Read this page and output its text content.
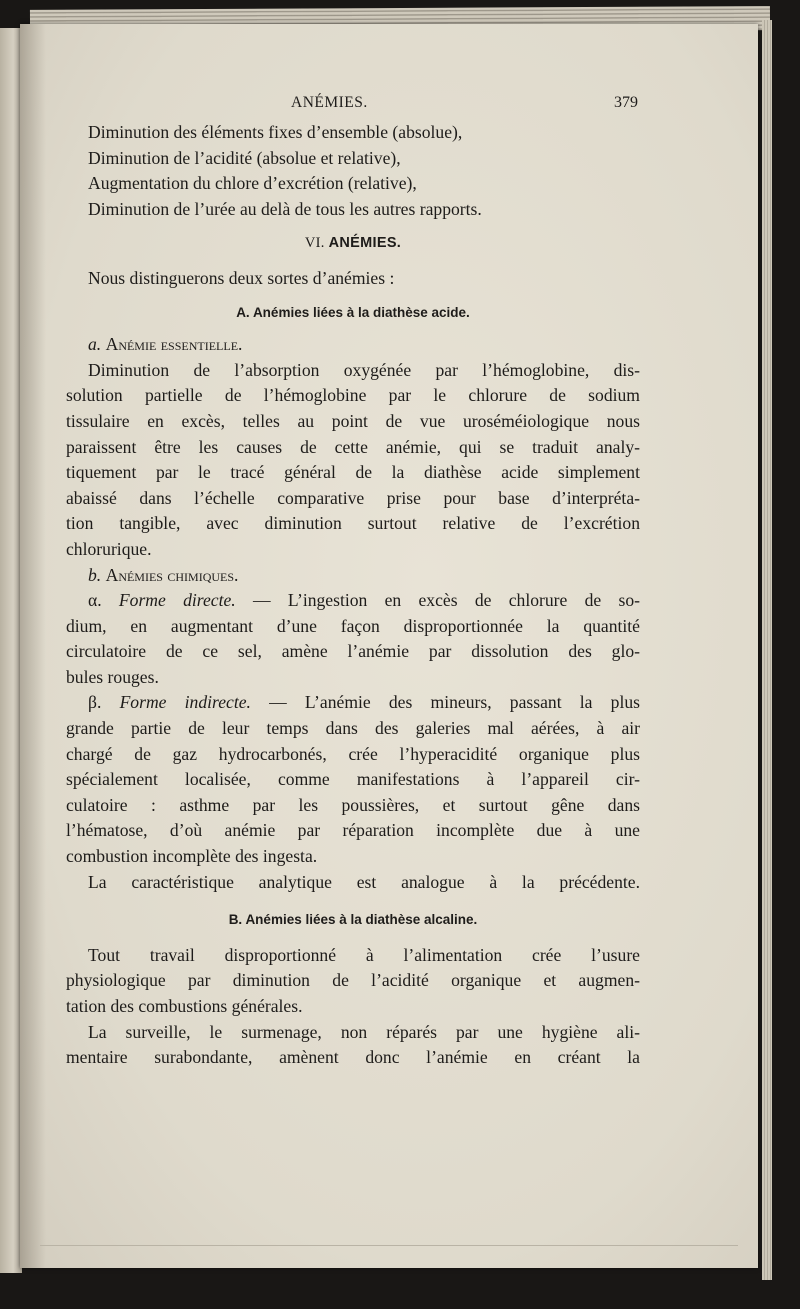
ANÉMIES.	379

Diminution des éléments fixes d’ensemble (absolue),

Diminution de l’acidité (absolue et relative),

Augmentation du chlore d’excrétion (relative),

Diminution de l’urée au delà de tous les autres rapports.

VI. ANÉMIES.

Nous distinguerons deux sortes d’anémies :

A. Anémies liées à la diathèse acide.

a. Anémie essentielle.

Diminution de l’absorption oxygénée par l’hémoglobine, dis-

solution partielle de l’hémoglobine par le chlorure de sodium

tissulaire en excès, telles au point de vue uroséméiologique nous

paraissent être les causes de cette anémie, qui se traduit analy-

tiquement par le tracé général de la diathèse acide simplement

abaissé dans l’échelle comparative prise pour base d’interpréta-

tion tangible, avec diminution surtout relative de l’excrétion

chlorurique.

b. Anémies chimiques.

α. Forme directe. — L’ingestion en excès de chlorure de so-

dium, en augmentant d’une façon disproportionnée la quantité

circulatoire de ce sel, amène l’anémie par dissolution des glo-

bules rouges.

β. Forme indirecte. — L’anémie des mineurs, passant la plus

grande partie de leur temps dans des galeries mal aérées, à air

chargé de gaz hydrocarbonés, crée l’hyperacidité organique plus

spécialement localisée, comme manifestations à l’appareil cir-

culatoire : asthme par les poussières, et surtout gêne dans

l’hématose, d’où anémie par réparation incomplète due à une

combustion incomplète des ingesta.

La caractéristique analytique est analogue à la précédente.

B. Anémies liées à la diathèse alcaline.

Tout travail disproportionné à l’alimentation crée l’usure

physiologique par diminution de l’acidité organique et augmen-

tation des combustions générales.

La surveille, le surmenage, non réparés par une hygiène ali-

mentaire surabondante, amènent donc l’anémie en créant la
